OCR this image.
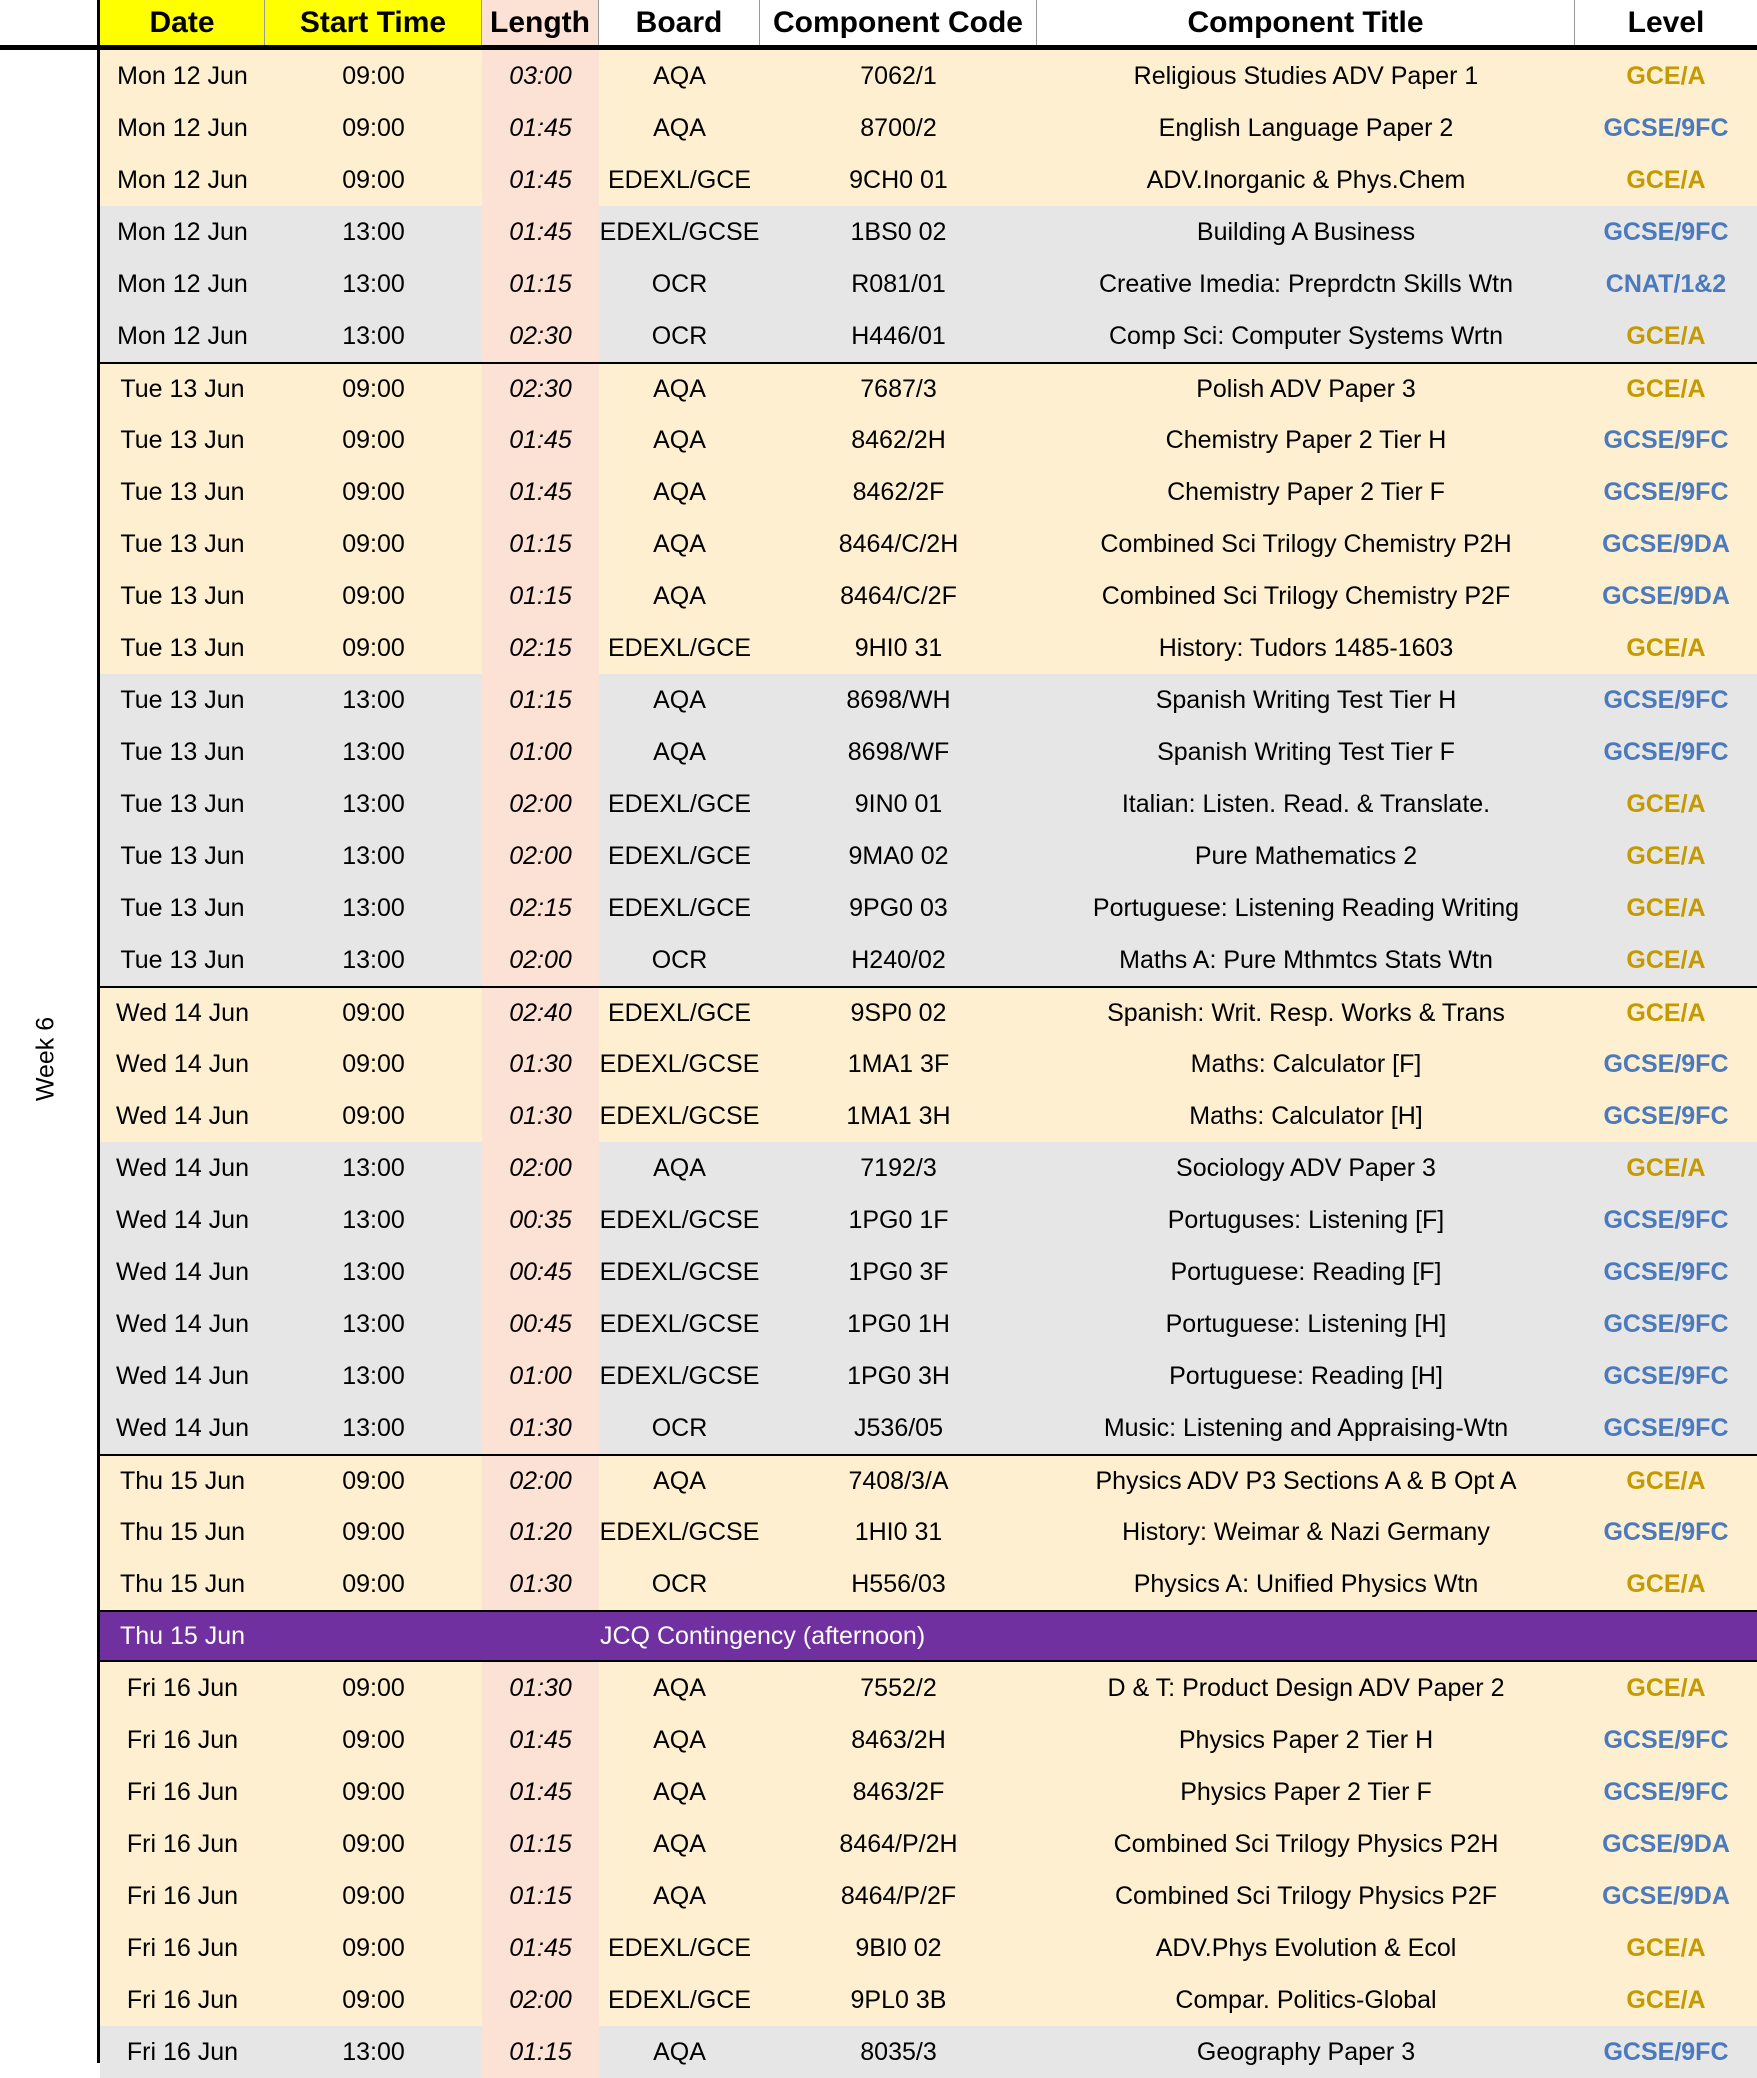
Week 6
Date	Start Time	Length	Board	Component Code	Component Title	Level
Mon 12 Jun	09:00	03:00	AQA	7062/1	Religious Studies ADV Paper 1	GCE/A
Mon 12 Jun	09:00	01:45	AQA	8700/2	English Language Paper 2	GCSE/9FC
Mon 12 Jun	09:00	01:45	EDEXL/GCE	9CH0 01	ADV.Inorganic & Phys.Chem	GCE/A
Mon 12 Jun	13:00	01:45	EDEXL/GCSE	1BS0 02	Building A Business	GCSE/9FC
Mon 12 Jun	13:00	01:15	OCR	R081/01	Creative Imedia: Preprdctn Skills Wtn	CNAT/1&2
Mon 12 Jun	13:00	02:30	OCR	H446/01	Comp Sci: Computer Systems Wrtn	GCE/A
Tue 13 Jun	09:00	02:30	AQA	7687/3	Polish ADV Paper 3	GCE/A
Tue 13 Jun	09:00	01:45	AQA	8462/2H	Chemistry Paper 2 Tier H	GCSE/9FC
Tue 13 Jun	09:00	01:45	AQA	8462/2F	Chemistry Paper 2 Tier F	GCSE/9FC
Tue 13 Jun	09:00	01:15	AQA	8464/C/2H	Combined Sci Trilogy Chemistry P2H	GCSE/9DA
Tue 13 Jun	09:00	01:15	AQA	8464/C/2F	Combined Sci Trilogy Chemistry P2F	GCSE/9DA
Tue 13 Jun	09:00	02:15	EDEXL/GCE	9HI0 31	History: Tudors 1485-1603	GCE/A
Tue 13 Jun	13:00	01:15	AQA	8698/WH	Spanish Writing Test Tier H	GCSE/9FC
Tue 13 Jun	13:00	01:00	AQA	8698/WF	Spanish Writing Test Tier F	GCSE/9FC
Tue 13 Jun	13:00	02:00	EDEXL/GCE	9IN0 01	Italian: Listen. Read. & Translate.	GCE/A
Tue 13 Jun	13:00	02:00	EDEXL/GCE	9MA0 02	Pure Mathematics 2	GCE/A
Tue 13 Jun	13:00	02:15	EDEXL/GCE	9PG0 03	Portuguese: Listening Reading Writing	GCE/A
Tue 13 Jun	13:00	02:00	OCR	H240/02	Maths A: Pure Mthmtcs Stats Wtn	GCE/A
Wed 14 Jun	09:00	02:40	EDEXL/GCE	9SP0 02	Spanish: Writ. Resp. Works & Trans	GCE/A
Wed 14 Jun	09:00	01:30	EDEXL/GCSE	1MA1 3F	Maths: Calculator [F]	GCSE/9FC
Wed 14 Jun	09:00	01:30	EDEXL/GCSE	1MA1 3H	Maths: Calculator [H]	GCSE/9FC
Wed 14 Jun	13:00	02:00	AQA	7192/3	Sociology ADV Paper 3	GCE/A
Wed 14 Jun	13:00	00:35	EDEXL/GCSE	1PG0 1F	Portuguses: Listening [F]	GCSE/9FC
Wed 14 Jun	13:00	00:45	EDEXL/GCSE	1PG0 3F	Portuguese: Reading [F]	GCSE/9FC
Wed 14 Jun	13:00	00:45	EDEXL/GCSE	1PG0 1H	Portuguese: Listening [H]	GCSE/9FC
Wed 14 Jun	13:00	01:00	EDEXL/GCSE	1PG0 3H	Portuguese: Reading [H]	GCSE/9FC
Wed 14 Jun	13:00	01:30	OCR	J536/05	Music: Listening and Appraising-Wtn	GCSE/9FC
Thu 15 Jun	09:00	02:00	AQA	7408/3/A	Physics ADV P3 Sections A & B Opt A	GCE/A
Thu 15 Jun	09:00	01:20	EDEXL/GCSE	1HI0 31	History: Weimar & Nazi Germany	GCSE/9FC
Thu 15 Jun	09:00	01:30	OCR	H556/03	Physics A: Unified Physics Wtn	GCE/A
Thu 15 Jun	JCQ Contingency (afternoon)
Fri 16 Jun	09:00	01:30	AQA	7552/2	D & T: Product Design ADV Paper 2	GCE/A
Fri 16 Jun	09:00	01:45	AQA	8463/2H	Physics Paper 2 Tier H	GCSE/9FC
Fri 16 Jun	09:00	01:45	AQA	8463/2F	Physics Paper 2 Tier F	GCSE/9FC
Fri 16 Jun	09:00	01:15	AQA	8464/P/2H	Combined Sci Trilogy Physics P2H	GCSE/9DA
Fri 16 Jun	09:00	01:15	AQA	8464/P/2F	Combined Sci Trilogy Physics P2F	GCSE/9DA
Fri 16 Jun	09:00	01:45	EDEXL/GCE	9BI0 02	ADV.Phys Evolution & Ecol	GCE/A
Fri 16 Jun	09:00	02:00	EDEXL/GCE	9PL0 3B	Compar. Politics-Global	GCE/A
Fri 16 Jun	13:00	01:15	AQA	8035/3	Geography Paper 3	GCSE/9FC
